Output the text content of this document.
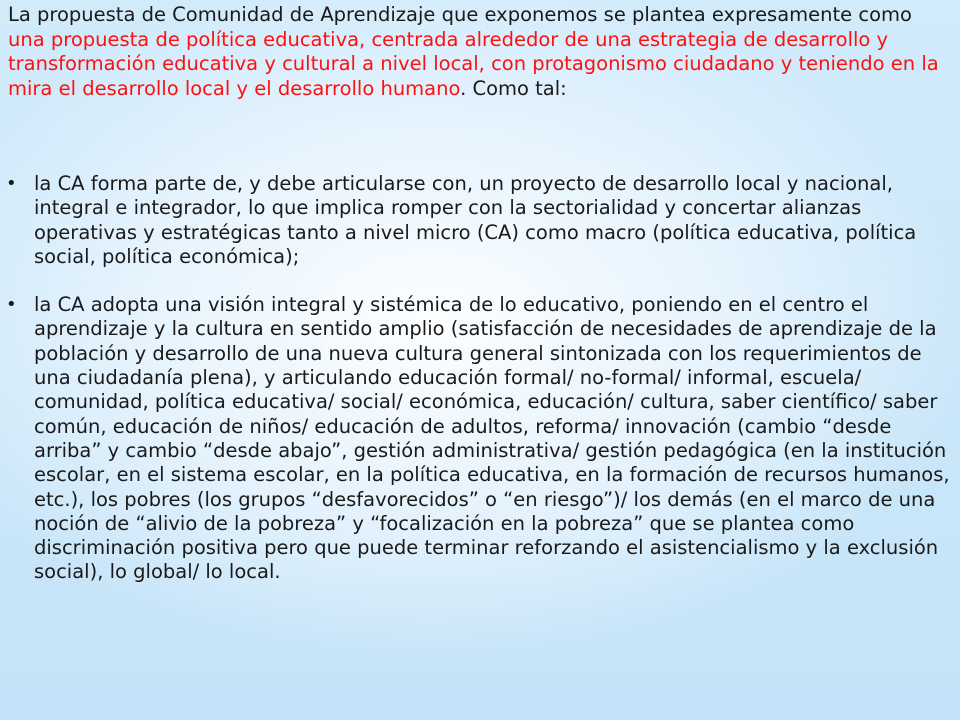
La propuesta de Comunidad de Aprendizaje que exponemos se plantea expresamente como una propuesta de política educativa, centrada alrededor de una estrategia de desarrollo y transformación educativa y cultural a nivel local, con protagonismo ciudadano y teniendo en la mira el desarrollo local y el desarrollo humano. Como tal:

• la CA forma parte de, y debe articularse con, un proyecto de desarrollo local y nacional, integral e integrador, lo que implica romper con la sectorialidad y concertar alianzas operativas y estratégicas tanto a nivel micro (CA) como macro (política educativa, política social, política económica);
• la CA adopta una visión integral y sistémica de lo educativo, poniendo en el centro el aprendizaje y la cultura en sentido amplio (satisfacción de necesidades de aprendizaje de la población y desarrollo de una nueva cultura general sintonizada con los requerimientos de una ciudadanía plena), y articulando educación formal/ no-formal/ informal, escuela/ comunidad, política educativa/ social/ económica, educación/ cultura, saber científico/ saber común, educación de niños/ educación de adultos, reforma/ innovación (cambio “desde arriba” y cambio “desde abajo”, gestión administrativa/ gestión pedagógica (en la institución escolar, en el sistema escolar, en la política educativa, en la formación de recursos humanos, etc.), los pobres (los grupos “desfavorecidos” o “en riesgo”)/ los demás (en el marco de una noción de “alivio de la pobreza” y “focalización en la pobreza” que se plantea como discriminación positiva pero que puede terminar reforzando el asistencialismo y la exclusión social), lo global/ lo local.
